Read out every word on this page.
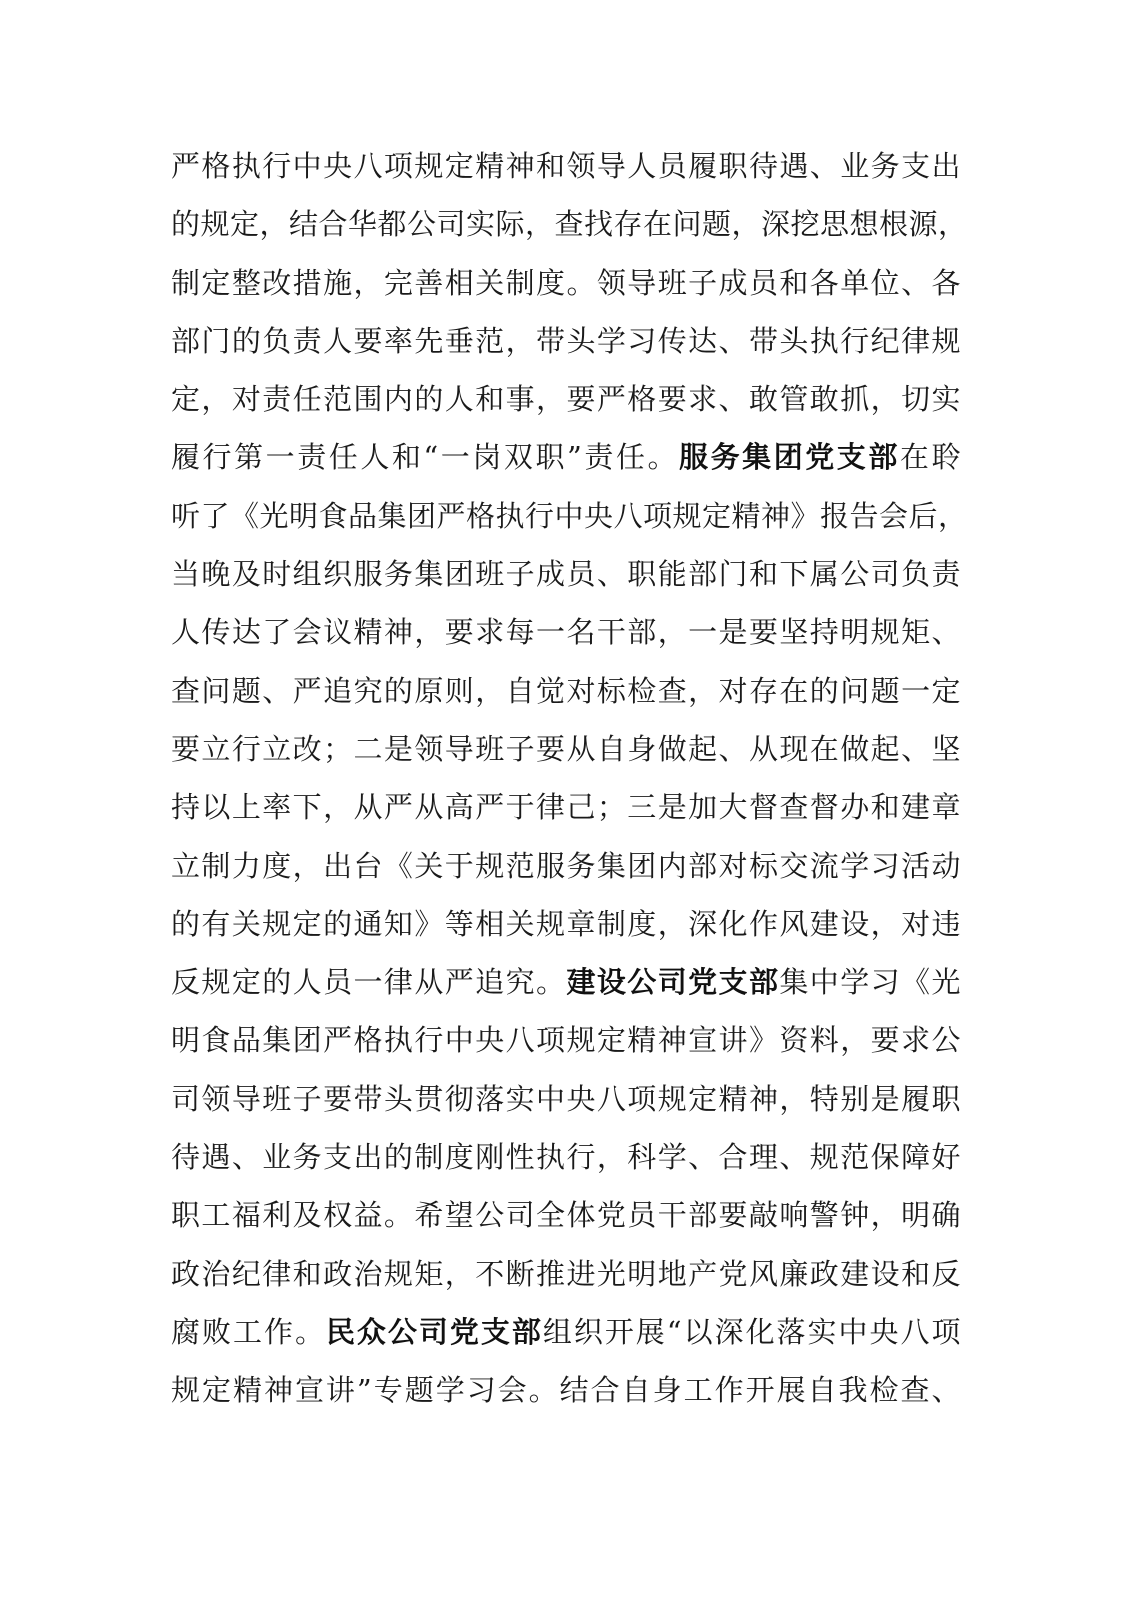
严格执行中央八项规定精神和领导人员履职待遇、业务支出
的规定，结合华都公司实际，查找存在问题，深挖思想根源，
制定整改措施，完善相关制度。领导班子成员和各单位、各
部门的负责人要率先垂范，带头学习传达、带头执行纪律规
定，对责任范围内的人和事，要严格要求、敢管敢抓，切实
履行第一责任人和“一岗双职”责任。服务集团党支部在聆
听了《光明食品集团严格执行中央八项规定精神》报告会后，
当晚及时组织服务集团班子成员、职能部门和下属公司负责
人传达了会议精神，要求每一名干部，一是要坚持明规矩、
查问题、严追究的原则，自觉对标检查，对存在的问题一定
要立行立改；二是领导班子要从自身做起、从现在做起、坚
持以上率下，从严从高严于律己；三是加大督查督办和建章
立制力度，出台《关于规范服务集团内部对标交流学习活动
的有关规定的通知》等相关规章制度，深化作风建设，对违
反规定的人员一律从严追究。建设公司党支部集中学习《光
明食品集团严格执行中央八项规定精神宣讲》资料，要求公
司领导班子要带头贯彻落实中央八项规定精神，特别是履职
待遇、业务支出的制度刚性执行，科学、合理、规范保障好
职工福利及权益。希望公司全体党员干部要敲响警钟，明确
政治纪律和政治规矩，不断推进光明地产党风廉政建设和反
腐败工作。民众公司党支部组织开展“以深化落实中央八项
规定精神宣讲”专题学习会。结合自身工作开展自我检查、
